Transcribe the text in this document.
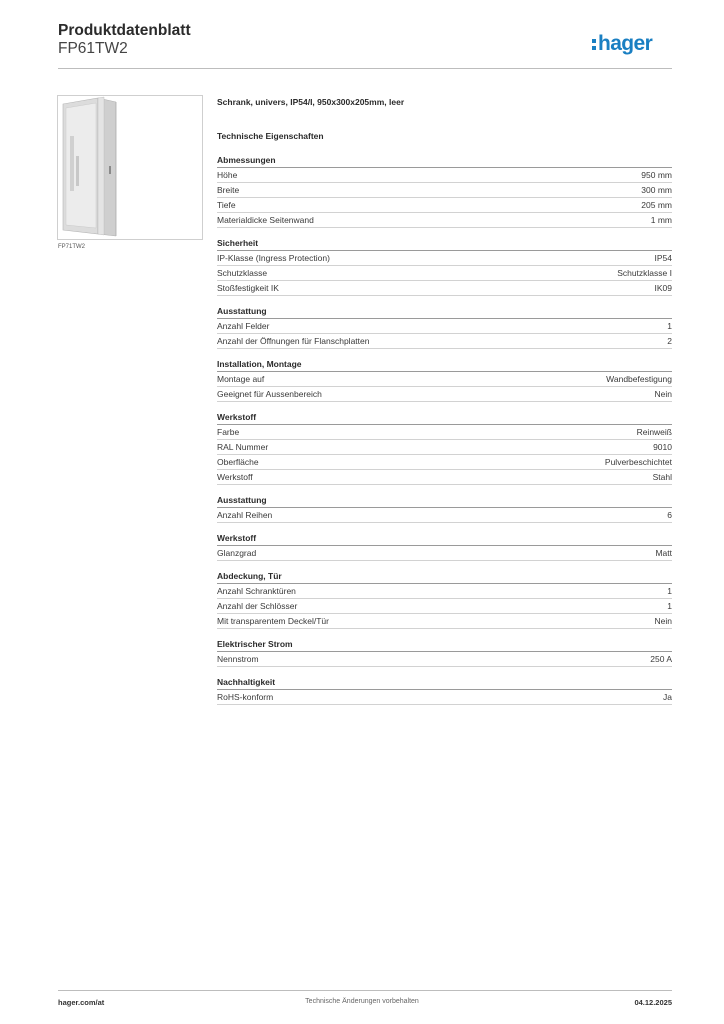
Produktdatenblatt
FP61TW2	hager
FP71TW2
Schrank, univers, IP54/I, 950x300x205mm, leer
Technische Eigenschaften
Abmessungen
Höhe	950 mm
Breite	300 mm
Tiefe	205 mm
Materialdicke Seitenwand	1 mm
Sicherheit
IP-Klasse (Ingress Protection)	IP54
Schutzklasse	Schutzklasse I
Stoßfestigkeit IK	IK09
Ausstattung
Anzahl Felder	1
Anzahl der Öffnungen für Flanschplatten	2
Installation, Montage
Montage auf	Wandbefestigung
Geeignet für Aussenbereich	Nein
Werkstoff
Farbe	Reinweiß
RAL Nummer	9010
Oberfläche	Pulverbeschichtet
Werkstoff	Stahl
Ausstattung
Anzahl Reihen	6
Werkstoff
Glanzgrad	Matt
Abdeckung, Tür
Anzahl Schranktüren	1
Anzahl der Schlösser	1
Mit transparentem Deckel/Tür	Nein
Elektrischer Strom
Nennstrom	250 A
Nachhaltigkeit
RoHS-konform	Ja
hager.com/at	Technische Änderungen vorbehalten	04.12.2025
